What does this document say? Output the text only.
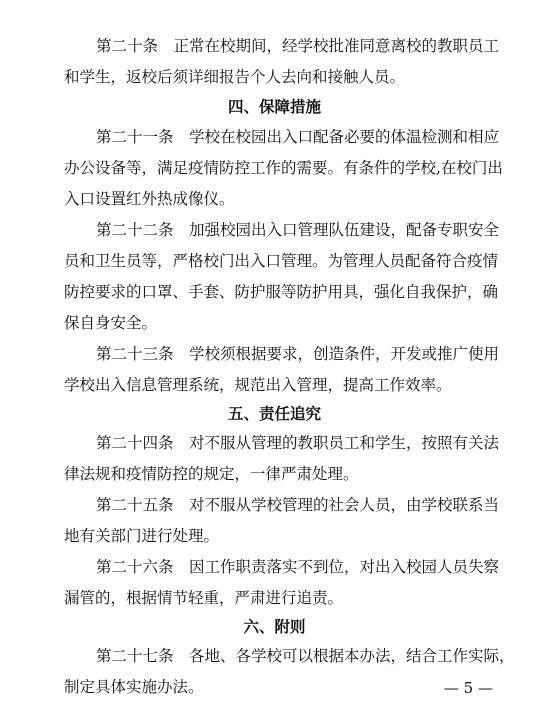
第二十条　正常在校期间，经学校批准同意离校的教职员工
和学生，返校后须详细报告个人去向和接触人员。
四、保障措施
第二十一条　学校在校园出入口配备必要的体温检测和相应
办公设备等，满足疫情防控工作的需要。有条件的学校,在校门出
入口设置红外热成像仪。
第二十二条　加强校园出入口管理队伍建设，配备专职安全
员和卫生员等，严格校门出入口管理。为管理人员配备符合疫情
防控要求的口罩、手套、防护服等防护用具，强化自我保护，确
保自身安全。
第二十三条　学校须根据要求，创造条件，开发或推广使用
学校出入信息管理系统，规范出入管理，提高工作效率。
五、责任追究
第二十四条　对不服从管理的教职员工和学生，按照有关法
律法规和疫情防控的规定，一律严肃处理。
第二十五条　对不服从学校管理的社会人员，由学校联系当
地有关部门进行处理。
第二十六条　因工作职责落实不到位，对出入校园人员失察
漏管的，根据情节轻重，严肃进行追责。
六、附则
第二十七条　各地、各学校可以根据本办法，结合工作实际，
— 5 —
制定具体实施办法。
